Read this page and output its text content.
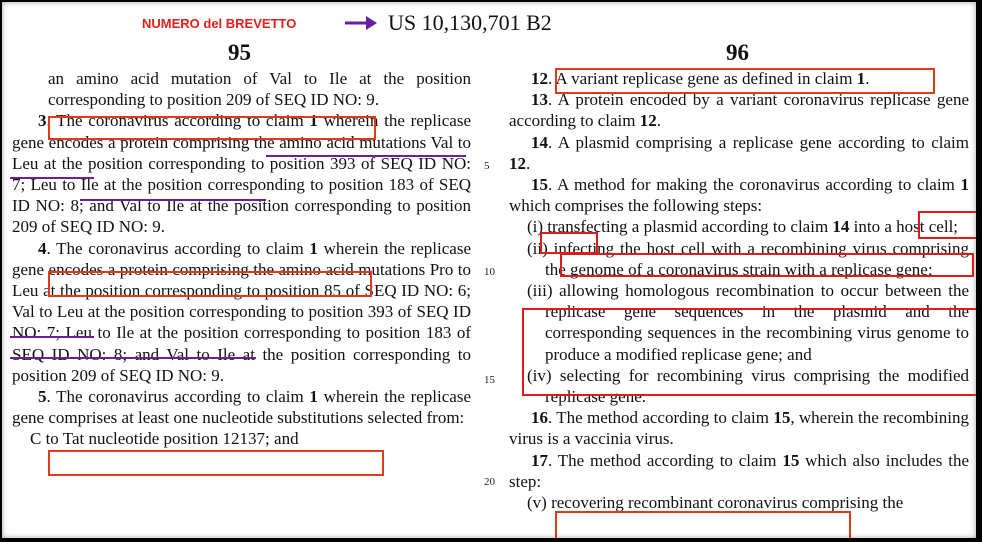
NUMERO del BREVETTO	US 10,130,701 B2
95	96
5
10
15
20

an amino acid mutation of Val to Ile at the position corresponding to position 209 of SEQ ID NO: 9.

3. The coronavirus according to claim 1 wherein the replicase gene encodes a protein comprising the amino acid mutations Val to Leu at the position corresponding to position 393 of SEQ ID NO: 7; Leu to Ile at the position corresponding to position 183 of SEQ ID NO: 8; and Val to Ile at the position corresponding to position 209 of SEQ ID NO: 9.

4. The coronavirus according to claim 1 wherein the replicase gene encodes a protein comprising the amino acid mutations Pro to Leu at the position corresponding to position 85 of SEQ ID NO: 6; Val to Leu at the position corresponding to position 393 of SEQ ID NO: 7; Leu to Ile at the position corresponding to position 183 of SEQ ID NO: 8; and Val to Ile at the position corresponding to position 209 of SEQ ID NO: 9.

5. The coronavirus according to claim 1 wherein the replicase gene comprises at least one nucleotide substitutions selected from:

C to Tat nucleotide position 12137; and

12. A variant replicase gene as defined in claim 1.

13. A protein encoded by a variant coronavirus replicase gene according to claim 12.

14. A plasmid comprising a replicase gene according to claim 12.

15. A method for making the coronavirus according to claim 1 which comprises the following steps:

(i) transfecting a plasmid according to claim 14 into a host cell;

(ii) infecting the host cell with a recombining virus comprising the genome of a coronavirus strain with a replicase gene;

(iii) allowing homologous recombination to occur between the replicase gene sequences in the plasmid and the corresponding sequences in the recombining virus genome to produce a modified replicase gene; and

(iv) selecting for recombining virus comprising the modified replicase gene.

16. The method according to claim 15, wherein the recombining virus is a vaccinia virus.

17. The method according to claim 15 which also includes the step:

(v) recovering recombinant coronavirus comprising the
